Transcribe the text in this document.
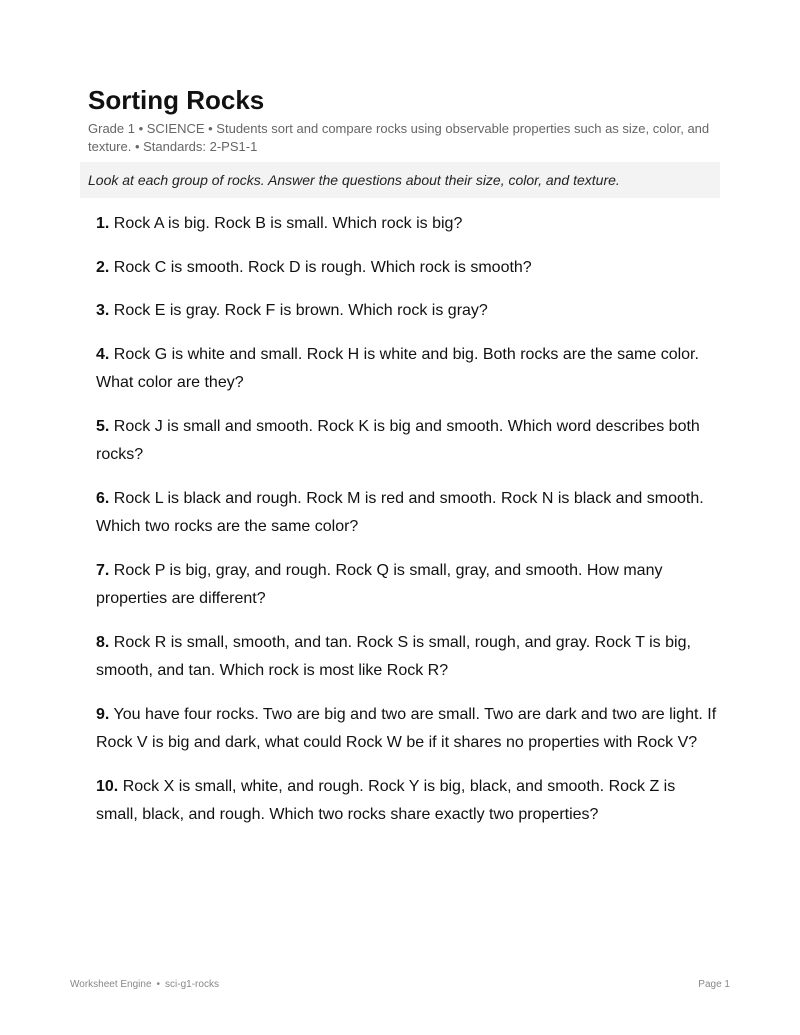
Sorting Rocks
Grade 1 • SCIENCE • Students sort and compare rocks using observable properties such as size, color, and texture. • Standards: 2-PS1-1
Look at each group of rocks. Answer the questions about their size, color, and texture.
1. Rock A is big. Rock B is small. Which rock is big?
2. Rock C is smooth. Rock D is rough. Which rock is smooth?
3. Rock E is gray. Rock F is brown. Which rock is gray?
4. Rock G is white and small. Rock H is white and big. Both rocks are the same color. What color are they?
5. Rock J is small and smooth. Rock K is big and smooth. Which word describes both rocks?
6. Rock L is black and rough. Rock M is red and smooth. Rock N is black and smooth. Which two rocks are the same color?
7. Rock P is big, gray, and rough. Rock Q is small, gray, and smooth. How many properties are different?
8. Rock R is small, smooth, and tan. Rock S is small, rough, and gray. Rock T is big, smooth, and tan. Which rock is most like Rock R?
9. You have four rocks. Two are big and two are small. Two are dark and two are light. If Rock V is big and dark, what could Rock W be if it shares no properties with Rock V?
10. Rock X is small, white, and rough. Rock Y is big, black, and smooth. Rock Z is small, black, and rough. Which two rocks share exactly two properties?
Worksheet Engine • sci-g1-rocks	Page 1
